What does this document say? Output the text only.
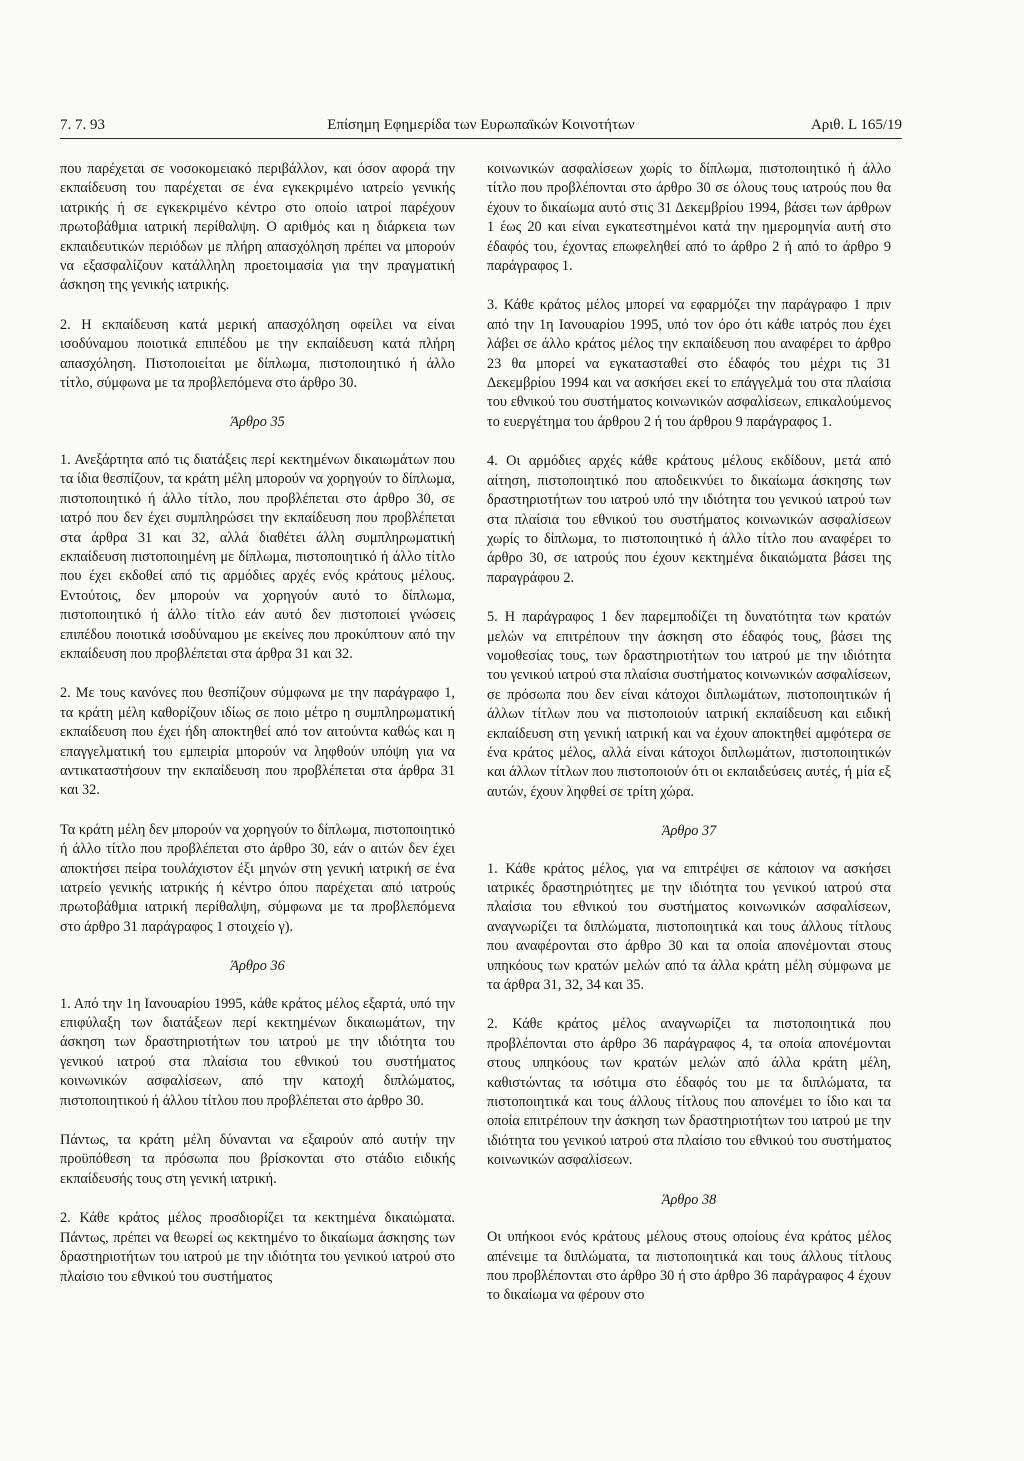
7. 7. 93	Επίσημη Εφημερίδα των Ευρωπαϊκών Κοινοτήτων	Αριθ. L 165/19

που παρέχεται σε νοσοκομειακό περιβάλλον, και όσον αφορά την εκπαίδευση του παρέχεται σε ένα εγκεκριμένο ιατρείο γενικής ιατρικής ή σε εγκεκριμένο κέντρο στο οποίο ιατροί παρέχουν πρωτοβάθμια ιατρική περίθαλψη. Ο αριθμός και η διάρκεια των εκπαιδευτικών περιόδων με πλήρη απασχόληση πρέπει να μπορούν να εξασφαλίζουν κατάλληλη προετοιμασία για την πραγματική άσκηση της γενικής ιατρικής.

2. Η εκπαίδευση κατά μερική απασχόληση οφείλει να είναι ισοδύναμου ποιοτικά επιπέδου με την εκπαίδευση κατά πλήρη απασχόληση. Πιστοποιείται με δίπλωμα, πιστοποιητικό ή άλλο τίτλο, σύμφωνα με τα προβλεπόμενα στο άρθρο 30.

Άρθρο 35

1. Ανεξάρτητα από τις διατάξεις περί κεκτημένων δικαιωμάτων που τα ίδια θεσπίζουν, τα κράτη μέλη μπορούν να χορηγούν το δίπλωμα, πιστοποιητικό ή άλλο τίτλο, που προβλέπεται στο άρθρο 30, σε ιατρό που δεν έχει συμπληρώσει την εκπαίδευση που προβλέπεται στα άρθρα 31 και 32, αλλά διαθέτει άλλη συμπληρωματική εκπαίδευση πιστοποιημένη με δίπλωμα, πιστοποιητικό ή άλλο τίτλο που έχει εκδοθεί από τις αρμόδιες αρχές ενός κράτους μέλους. Εντούτοις, δεν μπορούν να χορηγούν αυτό το δίπλωμα, πιστοποιητικό ή άλλο τίτλο εάν αυτό δεν πιστοποιεί γνώσεις επιπέδου ποιοτικά ισοδύναμου με εκείνες που προκύπτουν από την εκπαίδευση που προβλέπεται στα άρθρα 31 και 32.

2. Με τους κανόνες που θεσπίζουν σύμφωνα με την παράγραφο 1, τα κράτη μέλη καθορίζουν ιδίως σε ποιο μέτρο η συμπληρωματική εκπαίδευση που έχει ήδη αποκτηθεί από τον αιτούντα καθώς και η επαγγελματική του εμπειρία μπορούν να ληφθούν υπόψη για να αντικαταστήσουν την εκπαίδευση που προβλέπεται στα άρθρα 31 και 32.

Τα κράτη μέλη δεν μπορούν να χορηγούν το δίπλωμα, πιστοποιητικό ή άλλο τίτλο που προβλέπεται στο άρθρο 30, εάν ο αιτών δεν έχει αποκτήσει πείρα τουλάχιστον έξι μηνών στη γενική ιατρική σε ένα ιατρείο γενικής ιατρικής ή κέντρο όπου παρέχεται από ιατρούς πρωτοβάθμια ιατρική περίθαλψη, σύμφωνα με τα προβλεπόμενα στο άρθρο 31 παράγραφος 1 στοιχείο γ).

Άρθρο 36

1. Από την 1η Ιανουαρίου 1995, κάθε κράτος μέλος εξαρτά, υπό την επιφύλαξη των διατάξεων περί κεκτημένων δικαιωμάτων, την άσκηση των δραστηριοτήτων του ιατρού με την ιδιότητα του γενικού ιατρού στα πλαίσια του εθνικού του συστήματος κοινωνικών ασφαλίσεων, από την κατοχή διπλώματος, πιστοποιητικού ή άλλου τίτλου που προβλέπεται στο άρθρο 30.

Πάντως, τα κράτη μέλη δύνανται να εξαιρούν από αυτήν την προϋπόθεση τα πρόσωπα που βρίσκονται στο στάδιο ειδικής εκπαίδευσής τους στη γενική ιατρική.

2. Κάθε κράτος μέλος προσδιορίζει τα κεκτημένα δικαιώματα. Πάντως, πρέπει να θεωρεί ως κεκτημένο το δικαίωμα άσκησης των δραστηριοτήτων του ιατρού με την ιδιότητα του γενικού ιατρού στο πλαίσιο του εθνικού του συστήματος

κοινωνικών ασφαλίσεων χωρίς το δίπλωμα, πιστοποιητικό ή άλλο τίτλο που προβλέπονται στο άρθρο 30 σε όλους τους ιατρούς που θα έχουν το δικαίωμα αυτό στις 31 Δεκεμβρίου 1994, βάσει των άρθρων 1 έως 20 και είναι εγκατεστημένοι κατά την ημερομηνία αυτή στο έδαφός του, έχοντας επωφεληθεί από το άρθρο 2 ή από το άρθρο 9 παράγραφος 1.

3. Κάθε κράτος μέλος μπορεί να εφαρμόζει την παράγραφο 1 πριν από την 1η Ιανουαρίου 1995, υπό τον όρο ότι κάθε ιατρός που έχει λάβει σε άλλο κράτος μέλος την εκπαίδευση που αναφέρει το άρθρο 23 θα μπορεί να εγκατασταθεί στο έδαφός του μέχρι τις 31 Δεκεμβρίου 1994 και να ασκήσει εκεί το επάγγελμά του στα πλαίσια του εθνικού του συστήματος κοινωνικών ασφαλίσεων, επικαλούμενος το ευεργέτημα του άρθρου 2 ή του άρθρου 9 παράγραφος 1.

4. Οι αρμόδιες αρχές κάθε κράτους μέλους εκδίδουν, μετά από αίτηση, πιστοποιητικό που αποδεικνύει το δικαίωμα άσκησης των δραστηριοτήτων του ιατρού υπό την ιδιότητα του γενικού ιατρού των στα πλαίσια του εθνικού του συστήματος κοινωνικών ασφαλίσεων χωρίς το δίπλωμα, το πιστοποιητικό ή άλλο τίτλο που αναφέρει το άρθρο 30, σε ιατρούς που έχουν κεκτημένα δικαιώματα βάσει της παραγράφου 2.

5. Η παράγραφος 1 δεν παρεμποδίζει τη δυνατότητα των κρατών μελών να επιτρέπουν την άσκηση στο έδαφός τους, βάσει της νομοθεσίας τους, των δραστηριοτήτων του ιατρού με την ιδιότητα του γενικού ιατρού στα πλαίσια συστήματος κοινωνικών ασφαλίσεων, σε πρόσωπα που δεν είναι κάτοχοι διπλωμάτων, πιστοποιητικών ή άλλων τίτλων που να πιστοποιούν ιατρική εκπαίδευση και ειδική εκπαίδευση στη γενική ιατρική και να έχουν αποκτηθεί αμφότερα σε ένα κράτος μέλος, αλλά είναι κάτοχοι διπλωμάτων, πιστοποιητικών και άλλων τίτλων που πιστοποιούν ότι οι εκπαιδεύσεις αυτές, ή μία εξ αυτών, έχουν ληφθεί σε τρίτη χώρα.

Άρθρο 37

1. Κάθε κράτος μέλος, για να επιτρέψει σε κάποιον να ασκήσει ιατρικές δραστηριότητες με την ιδιότητα του γενικού ιατρού στα πλαίσια του εθνικού του συστήματος κοινωνικών ασφαλίσεων, αναγνωρίζει τα διπλώματα, πιστοποιητικά και τους άλλους τίτλους που αναφέρονται στο άρθρο 30 και τα οποία απονέμονται στους υπηκόους των κρατών μελών από τα άλλα κράτη μέλη σύμφωνα με τα άρθρα 31, 32, 34 και 35.

2. Κάθε κράτος μέλος αναγνωρίζει τα πιστοποιητικά που προβλέπονται στο άρθρο 36 παράγραφος 4, τα οποία απονέμονται στους υπηκόους των κρατών μελών από άλλα κράτη μέλη, καθιστώντας τα ισότιμα στο έδαφός του με τα διπλώματα, τα πιστοποιητικά και τους άλλους τίτλους που απονέμει το ίδιο και τα οποία επιτρέπουν την άσκηση των δραστηριοτήτων του ιατρού με την ιδιότητα του γενικού ιατρού στα πλαίσιο του εθνικού του συστήματος κοινωνικών ασφαλίσεων.

Άρθρο 38

Οι υπήκοοι ενός κράτους μέλους στους οποίους ένα κράτος μέλος απένειμε τα διπλώματα, τα πιστοποιητικά και τους άλλους τίτλους που προβλέπονται στο άρθρο 30 ή στο άρθρο 36 παράγραφος 4 έχουν το δικαίωμα να φέρουν στο
